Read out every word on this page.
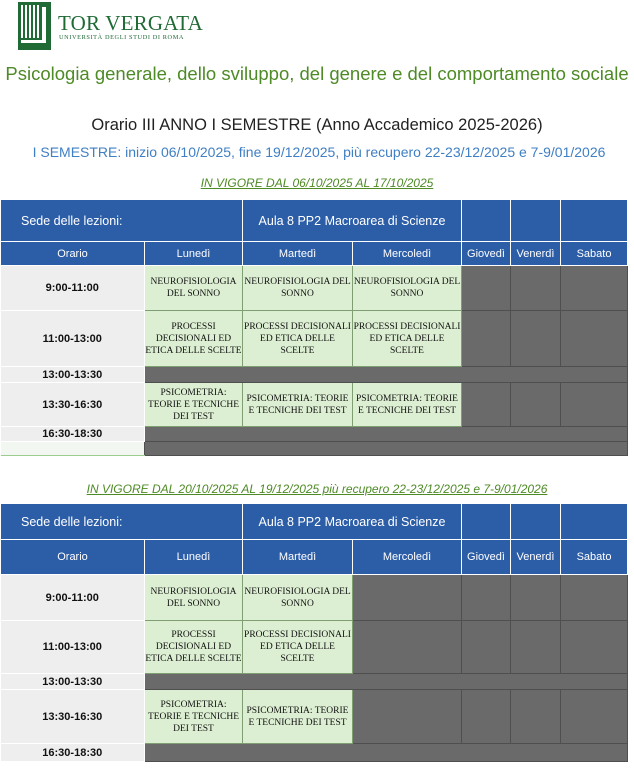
TOR VERGATA
UNIVERSITÀ DEGLI STUDI DI ROMA
Psicologia generale, dello sviluppo, del genere e del comportamento sociale
Orario III ANNO I SEMESTRE (Anno Accademico 2025-2026)
I SEMESTRE: inizio 06/10/2025, fine 19/12/2025, più recupero 22-23/12/2025 e 7-9/01/2026
IN VIGORE DAL 06/10/2025 AL 17/10/2025
Sede delle lezioni:		Aula 8 PP2 Macroarea di Scienze				
Orario	Lunedì	Martedì	Mercoledì	Giovedì	Venerdì	Sabato
9:00-11:00	NEUROFISIOLOGIA DEL SONNO	NEUROFISIOLOGIA DEL SONNO	NEUROFISIOLOGIA DEL SONNO			
11:00-13:00	PROCESSI DECISIONALI ED ETICA DELLE SCELTE	PROCESSI DECISIONALI ED ETICA DELLE SCELTE	PROCESSI DECISIONALI ED ETICA DELLE SCELTE			
13:00-13:30						
13:30-16:30	PSICOMETRIA: TEORIE E TECNICHE DEI TEST	PSICOMETRIA: TEORIE E TECNICHE DEI TEST	PSICOMETRIA: TEORIE E TECNICHE DEI TEST			
16:30-18:30						

IN VIGORE DAL 20/10/2025 AL 19/12/2025 più recupero 22-23/12/2025 e 7-9/01/2026
Sede delle lezioni:		Aula 8 PP2 Macroarea di Scienze				
Orario	Lunedì	Martedì	Mercoledì	Giovedì	Venerdì	Sabato
9:00-11:00	NEUROFISIOLOGIA DEL SONNO	NEUROFISIOLOGIA DEL SONNO				
11:00-13:00	PROCESSI DECISIONALI ED ETICA DELLE SCELTE	PROCESSI DECISIONALI ED ETICA DELLE SCELTE				
13:00-13:30						
13:30-16:30	PSICOMETRIA: TEORIE E TECNICHE DEI TEST	PSICOMETRIA: TEORIE E TECNICHE DEI TEST				
16:30-18:30						
